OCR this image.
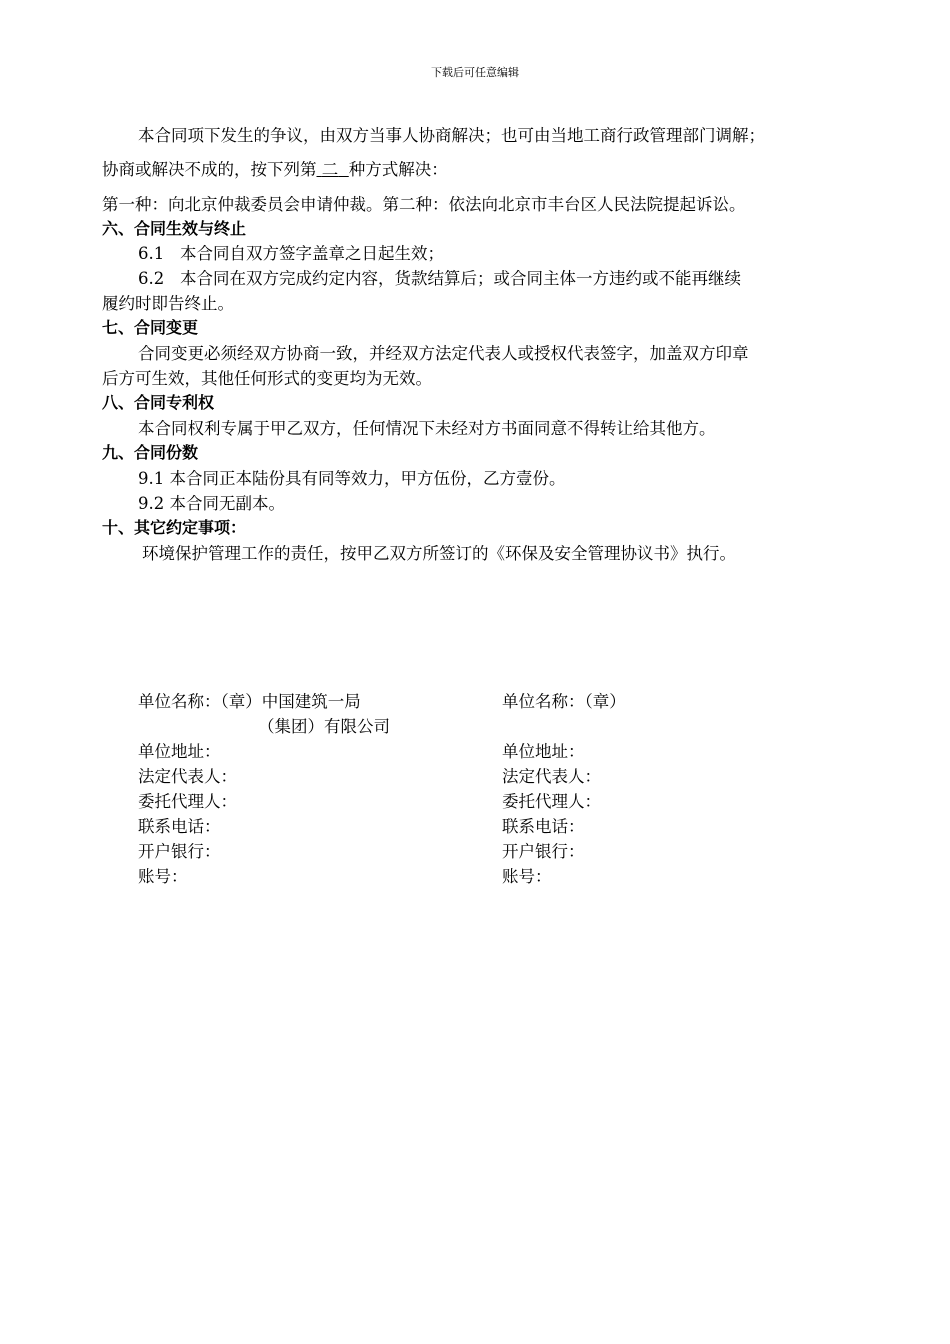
下载后可任意编辑
本合同项下发生的争议，由双方当事人协商解决；也可由当地工商行政管理部门调解；
协商或解决不成的，按下列第 二 种方式解决：
第一种：向北京仲裁委员会申请仲裁。第二种：依法向北京市丰台区人民法院提起诉讼。
六、合同生效与终止
6.1   本合同自双方签字盖章之日起生效；
6.2   本合同在双方完成约定内容，货款结算后；或合同主体一方违约或不能再继续
履约时即告终止。
七、合同变更
合同变更必须经双方协商一致，并经双方法定代表人或授权代表签字，加盖双方印章
后方可生效，其他任何形式的变更均为无效。
八、合同专利权
本合同权利专属于甲乙双方，任何情况下未经对方书面同意不得转让给其他方。
九、合同份数
9.1 本合同正本陆份具有同等效力，甲方伍份，乙方壹份。
9.2 本合同无副本。
十、其它约定事项：
环境保护管理工作的责任，按甲乙双方所签订的《环保及安全管理协议书》执行。
单位名称：（章）中国建筑一局
（集团）有限公司
单位地址：
法定代表人：
委托代理人：
联系电话：
开户银行：
账号：
单位名称：（章）
单位地址：
法定代表人：
委托代理人：
联系电话：
开户银行：
账号：
